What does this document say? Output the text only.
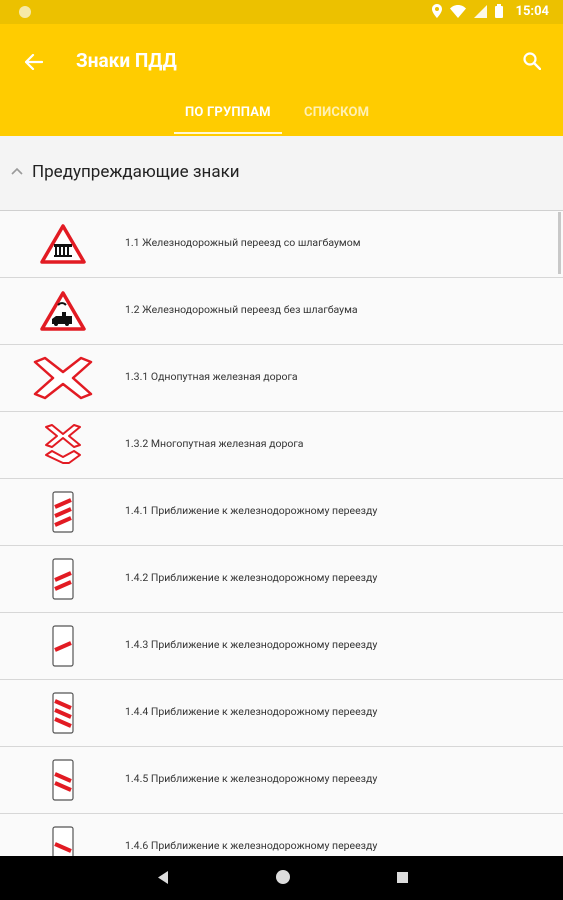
15:04
Знаки ПДД
ПО ГРУППАМ	СПИСКОМ
Предупреждающие знаки
1.1 Железнодорожный переезд со шлагбаумом
1.2 Железнодорожный переезд без шлагбаума
1.3.1 Однопутная железная дорога
1.3.2 Многопутная железная дорога
1.4.1 Приближение к железнодорожному переезду
1.4.2 Приближение к железнодорожному переезду
1.4.3 Приближение к железнодорожному переезду
1.4.4 Приближение к железнодорожному переезду
1.4.5 Приближение к железнодорожному переезду
1.4.6 Приближение к железнодорожному переезду
